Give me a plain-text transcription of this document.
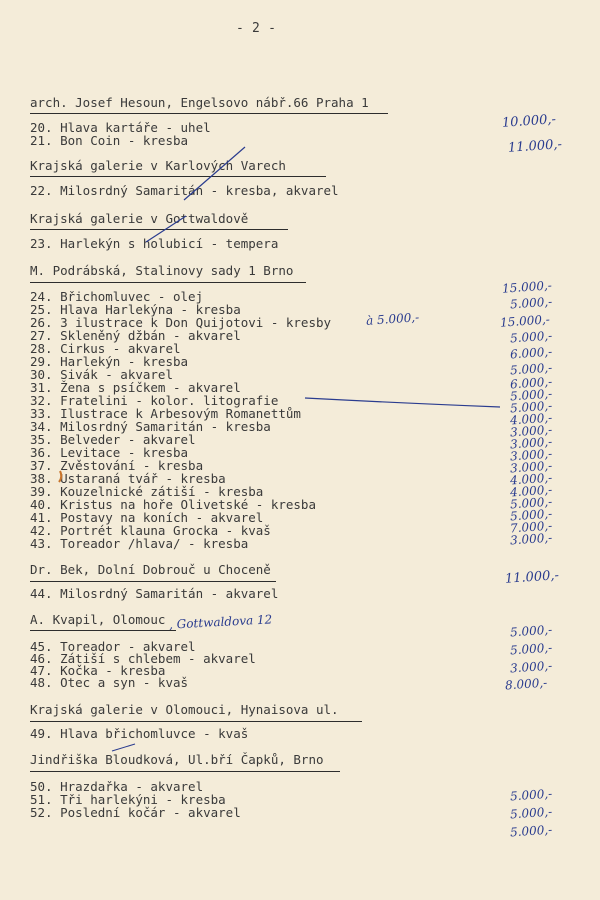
- 2 -
arch. Josef Hesoun, Engelsovo nábř.66 Praha 1
20. Hlava kartáře - uhel
21. Bon Coin - kresba
10.000,-
11.000,-
Krajská galerie v Karlových Varech
22. Milosrdný Samaritán - kresba, akvarel
Krajská galerie v Gottwaldově
23. Harlekýn s holubicí - tempera
M. Podrábská, Stalinovy sady 1 Brno
24. Břichomluvec - olej
25. Hlava Harlekýna - kresba
26. 3 ilustrace k Don Quijotovi - kresby
27. Skleněný džbán - akvarel
28. Cirkus - akvarel
29. Harlekýn - kresba
30. Sivák - akvarel
31. Žena s psíčkem - akvarel
32. Fratelini - kolor. litografie
33. Ilustrace k Arbesovým Romanettům
34. Milosrdný Samaritán - kresba
35. Belveder - akvarel
36. Levitace - kresba
37. Zvěstování - kresba
38. Ustaraná tvář - kresba
39. Kouzelnické zátiší - kresba
40. Kristus na hoře Olivetské - kresba
41. Postavy na koních - akvarel
42. Portrét klauna Grocka - kvaš
43. Toreador /hlava/ - kresba
à 5.000,-
15.000,-
5.000,-
15.000,-
5.000,-
6.000,-
5.000,-
6.000,-
5.000,-
5.000,-
4.000,-
3.000,-
3.000,-
3.000,-
3.000,-
4.000,-
4.000,-
5.000,-
5.000,-
7.000,-
3.000,-
Dr. Bek, Dolní Dobrouč u Choceně
44. Milosrdný Samaritán - akvarel
11.000,-
A. Kvapil, Olomouc , Gottwaldova 12
45. Toreador - akvarel
46. Zátiší s chlebem - akvarel
47. Kočka - kresba
48. Otec a syn - kvaš
5.000,-
5.000,-
3.000,-
8.000,-
Krajská galerie v Olomouci, Hynaisova ul.
49. Hlava břichomluvce - kvaš
Jindřiška Bloudková, Ul.bří Čapků, Brno
50. Hrazdařka - akvarel
51. Tři harlekýni - kresba
52. Poslední kočár - akvarel
5.000,-
5.000,-
5.000,-
